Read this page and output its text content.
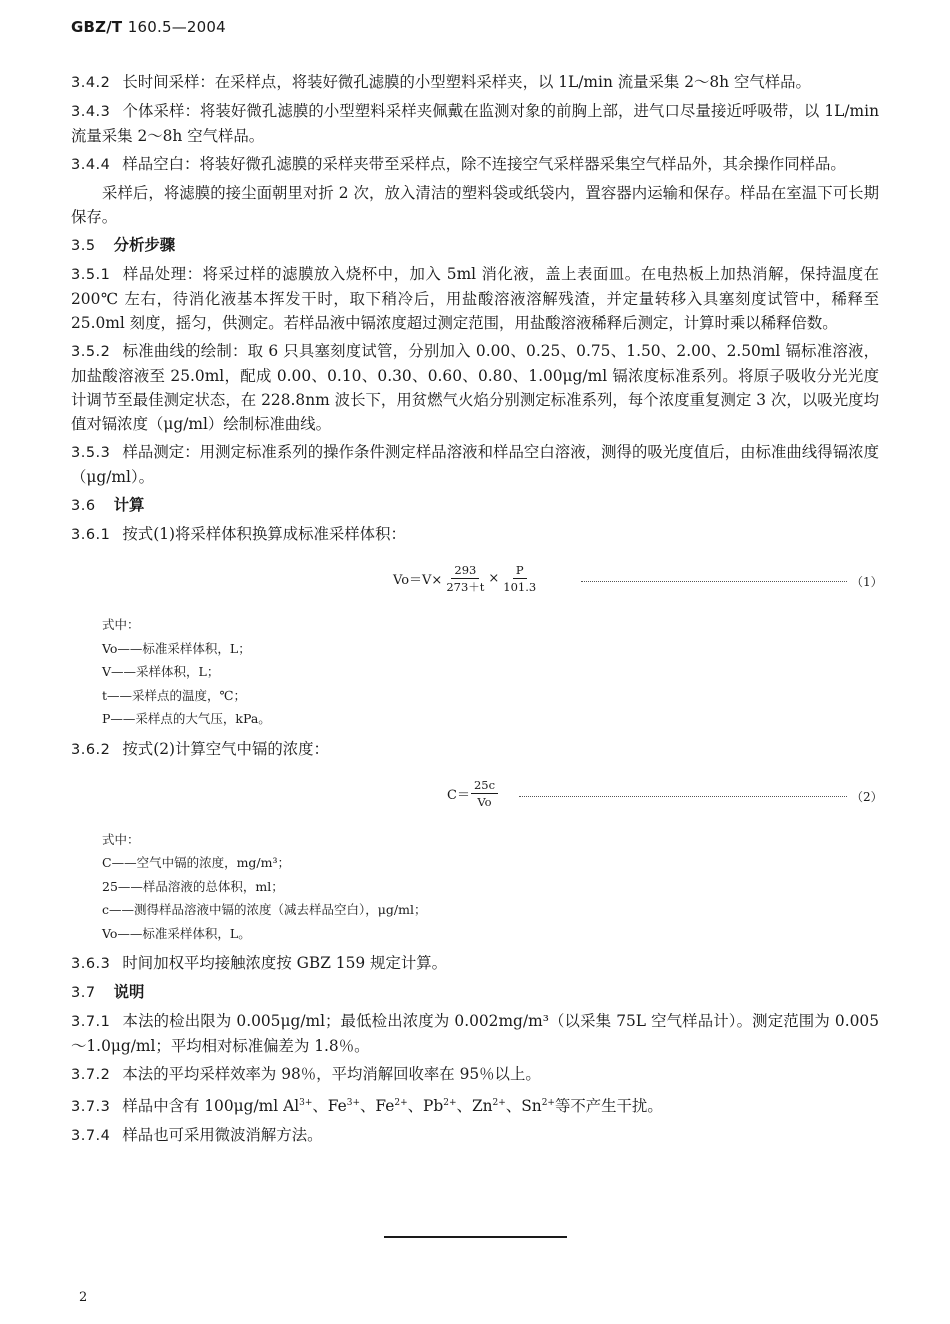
GBZ/T 160.5—2004

3.4.2 长时间采样：在采样点，将装好微孔滤膜的小型塑料采样夹，以 1L/min 流量采集 2～8h 空气样品。

3.4.3 个体采样：将装好微孔滤膜的小型塑料采样夹佩戴在监测对象的前胸上部，进气口尽量接近呼吸带，以 1L/min 流量采集 2～8h 空气样品。

3.4.4 样品空白：将装好微孔滤膜的采样夹带至采样点，除不连接空气采样器采集空气样品外，其余操作同样品。

采样后，将滤膜的接尘面朝里对折 2 次，放入清洁的塑料袋或纸袋内，置容器内运输和保存。样品在室温下可长期保存。

3.5 分析步骤

3.5.1 样品处理：将采过样的滤膜放入烧杯中，加入 5ml 消化液，盖上表面皿。在电热板上加热消解，保持温度在 200℃ 左右，待消化液基本挥发干时，取下稍冷后，用盐酸溶液溶解残渣，并定量转移入具塞刻度试管中，稀释至 25.0ml 刻度，摇匀，供测定。若样品液中镉浓度超过测定范围，用盐酸溶液稀释后测定，计算时乘以稀释倍数。

3.5.2 标准曲线的绘制：取 6 只具塞刻度试管，分别加入 0.00、0.25、0.75、1.50、2.00、2.50ml 镉标准溶液，加盐酸溶液至 25.0ml，配成 0.00、0.10、0.30、0.60、0.80、1.00μg/ml 镉浓度标准系列。将原子吸收分光光度计调节至最佳测定状态，在 228.8nm 波长下，用贫燃气火焰分别测定标准系列，每个浓度重复测定 3 次，以吸光度均值对镉浓度（μg/ml）绘制标准曲线。

3.5.3 样品测定：用测定标准系列的操作条件测定样品溶液和样品空白溶液，测得的吸光度值后，由标准曲线得镉浓度（μg/ml）。

3.6 计算

3.6.1 按式(1)将采样体积换算成标准采样体积：

$Vo=V\times \frac{293}{273+t} \times \frac{P}{101.3}$	（1）
式中：
Vo——标准采样体积，L；
V——采样体积，L；
t——采样点的温度，℃；
P——采样点的大气压，kPa。

3.6.2 按式(2)计算空气中镉的浓度：

$C= \frac{25c}{Vo}$	（2）
式中：
C——空气中镉的浓度，mg/m³；
25——样品溶液的总体积，ml；
c——测得样品溶液中镉的浓度（减去样品空白），μg/ml；
Vo——标准采样体积，L。

3.6.3 时间加权平均接触浓度按 GBZ 159 规定计算。

3.7 说明

3.7.1 本法的检出限为 0.005μg/ml；最低检出浓度为 0.002mg/m³（以采集 75L 空气样品计）。测定范围为 0.005～1.0μg/ml；平均相对标准偏差为 1.8％。

3.7.2 本法的平均采样效率为 98％，平均消解回收率在 95％以上。

3.7.3 样品中含有 100μg/ml $Al^{3+}$、$Fe^{3+}$、$Fe^{2+}$、$Pb^{2+}$、$Zn^{2+}$、$Sn^{2+}$等不产生干扰。

3.7.4 样品也可采用微波消解方法。

2
